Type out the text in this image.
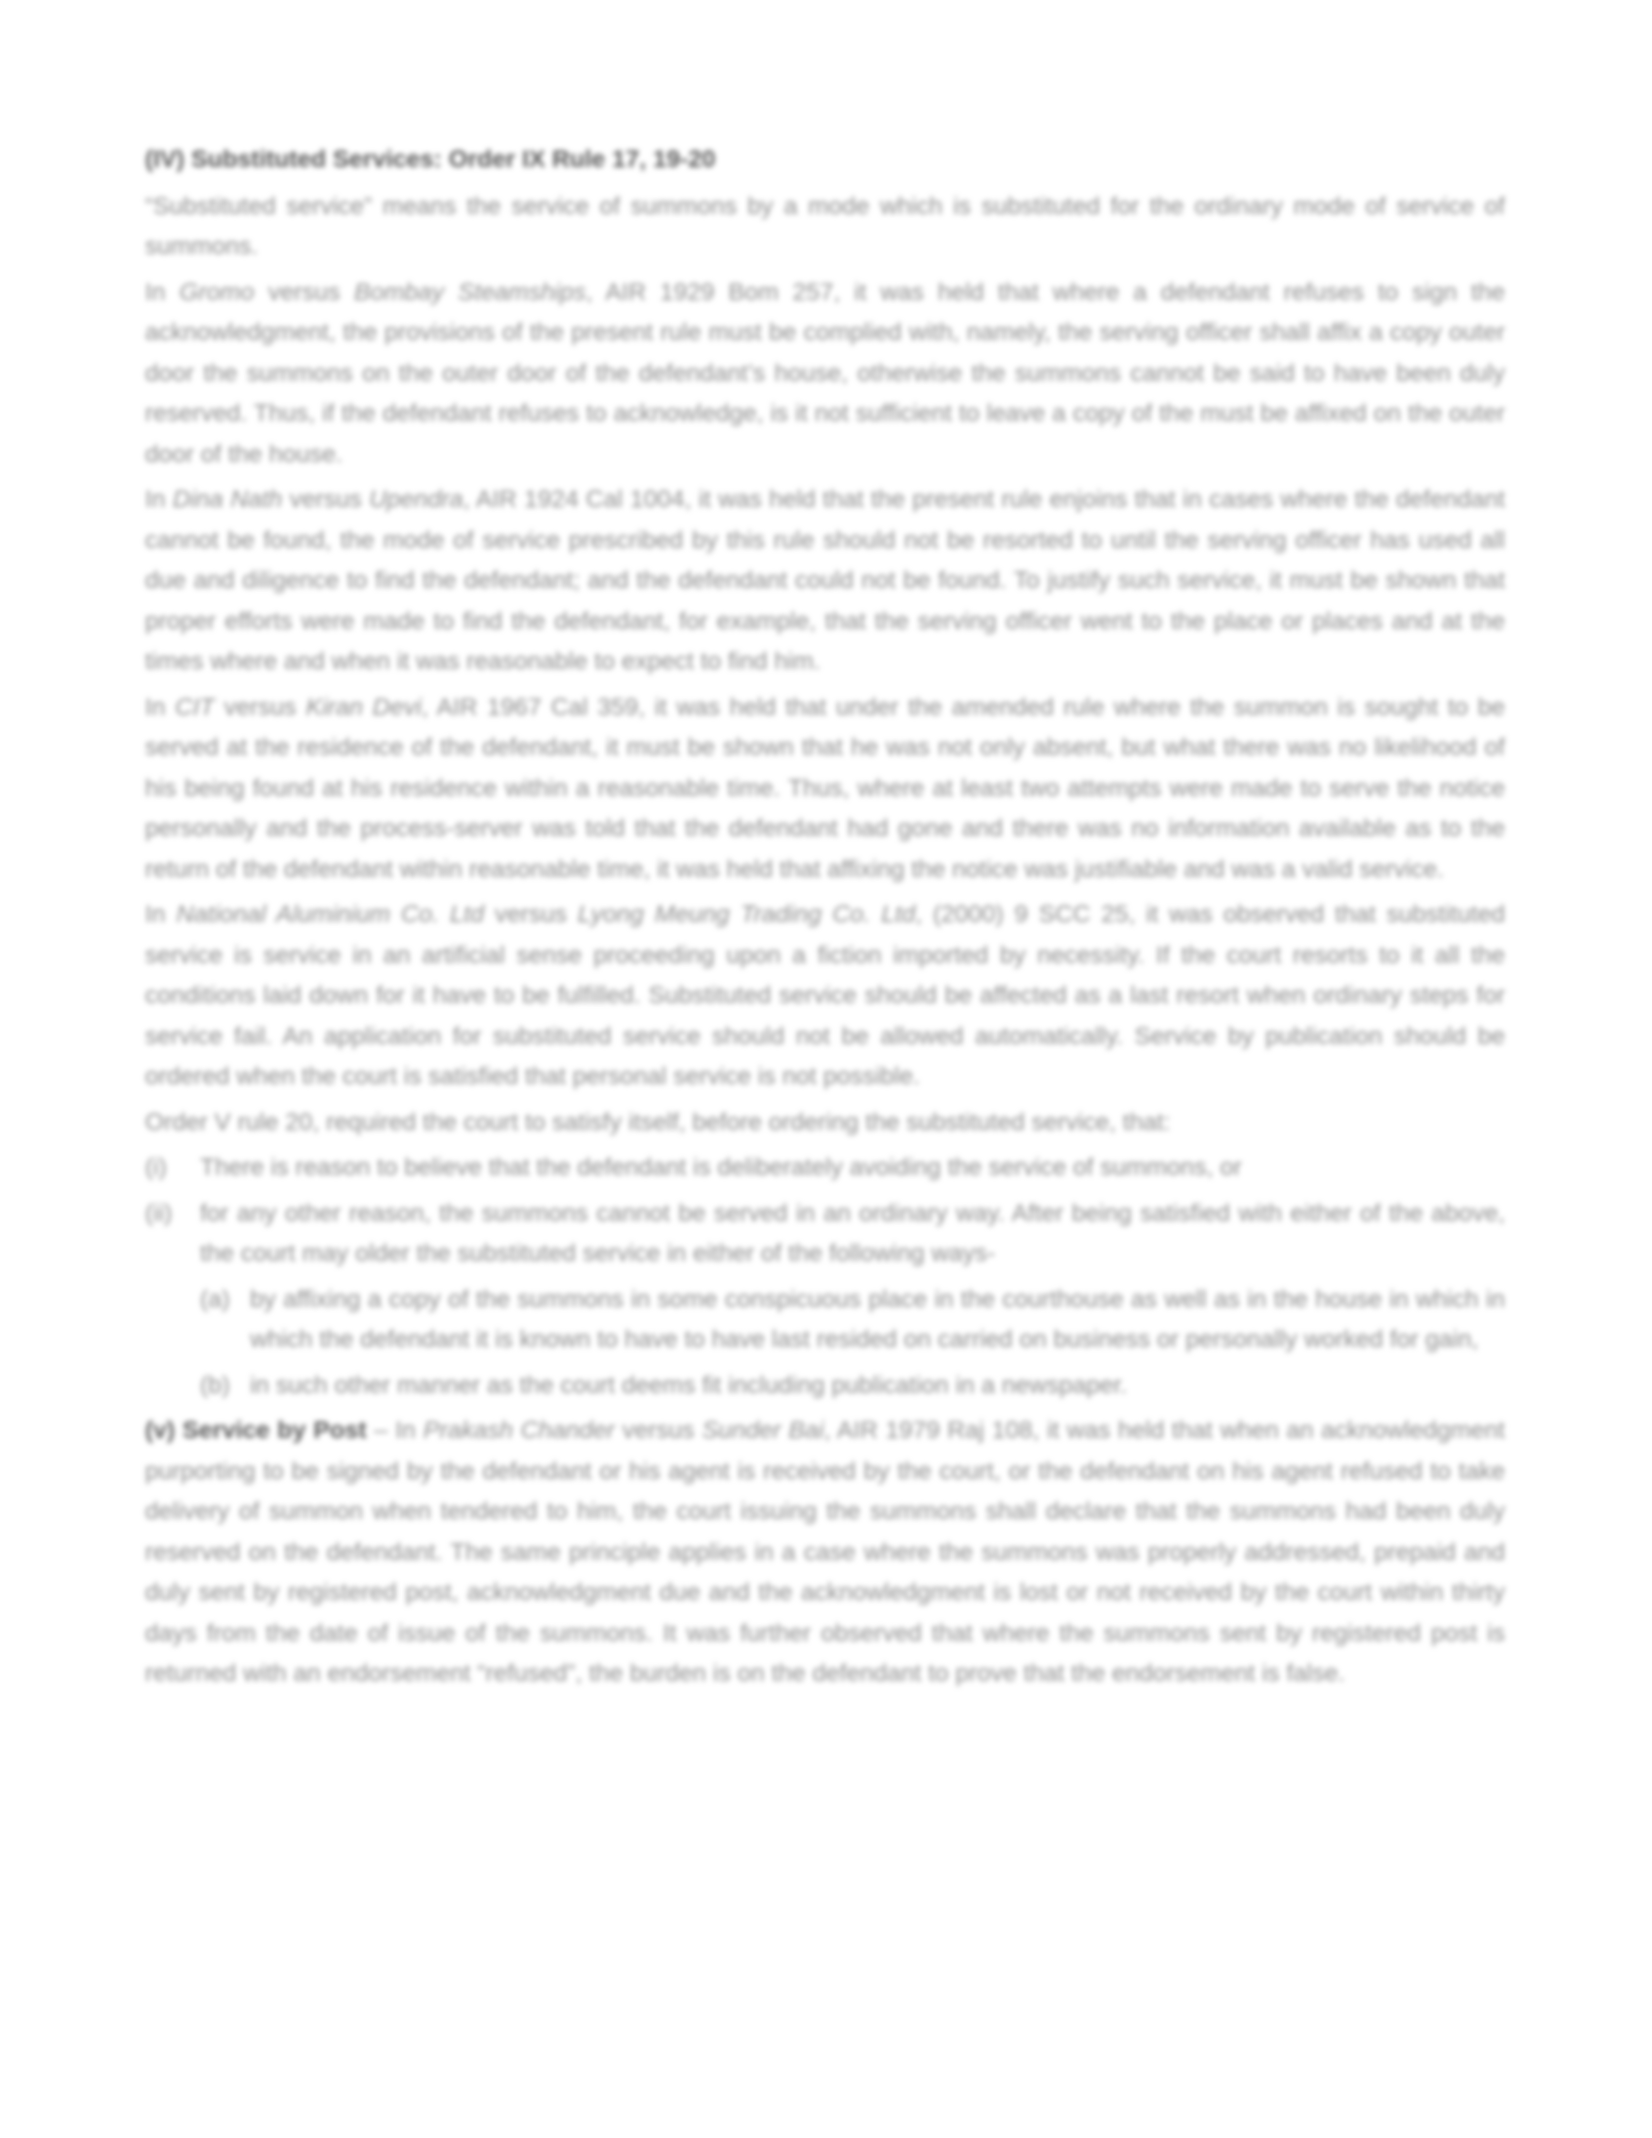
(IV) Substituted Services: Order IX Rule 17, 19-20

“Substituted service” means the service of summons by a mode which is substituted for the ordinary mode of service of summons.

In Gromo versus Bombay Steamships, AIR 1929 Bom 257, it was held that where a defendant refuses to sign the acknowledgment, the provisions of the present rule must be complied with, namely, the serving officer shall affix a copy outer door the summons on the outer door of the defendant’s house, otherwise the summons cannot be said to have been duly reserved. Thus, if the defendant refuses to acknowledge, is it not sufficient to leave a copy of the must be affixed on the outer door of the house.

In Dina Nath versus Upendra, AIR 1924 Cal 1004, it was held that the present rule enjoins that in cases where the defendant cannot be found, the mode of service prescribed by this rule should not be resorted to until the serving officer has used all due and diligence to find the defendant; and the defendant could not be found. To justify such service, it must be shown that proper efforts were made to find the defendant, for example, that the serving officer went to the place or places and at the times where and when it was reasonable to expect to find him.

In CIT versus Kiran Devi, AIR 1967 Cal 359, it was held that under the amended rule where the summon is sought to be served at the residence of the defendant, it must be shown that he was not only absent, but what there was no likelihood of his being found at his residence within a reasonable time. Thus, where at least two attempts were made to serve the notice personally and the process-server was told that the defendant had gone and there was no information available as to the return of the defendant within reasonable time, it was held that affixing the notice was justifiable and was a valid service.

In National Aluminium Co. Ltd versus Lyong Meung Trading Co. Ltd, (2000) 9 SCC 25, it was observed that substituted service is service in an artificial sense proceeding upon a fiction imported by necessity. If the court resorts to it all the conditions laid down for it have to be fulfilled. Substituted service should be affected as a last resort when ordinary steps for service fail. An application for substituted service should not be allowed automatically. Service by publication should be ordered when the court is satisfied that personal service is not possible.

Order V rule 20, required the court to satisfy itself, before ordering the substituted service, that:

(i)	There is reason to believe that the defendant is deliberately avoiding the service of summons, or
(ii)	for any other reason, the summons cannot be served in an ordinary way. After being satisfied with either of the above, the court may older the substituted service in either of the following ways-
(a) by affixing a copy of the summons in some conspicuous place in the courthouse as well as in the house in which in which the defendant it is known to have to have last resided on carried on business or personally worked for gain,
(b) in such other manner as the court deems fit including publication in a newspaper.

(v) Service by Post – In Prakash Chander versus Sunder Bai, AIR 1979 Raj 108, it was held that when an acknowledgment purporting to be signed by the defendant or his agent is received by the court, or the defendant on his agent refused to take delivery of summon when tendered to him, the court issuing the summons shall declare that the summons had been duly reserved on the defendant. The same principle applies in a case where the summons was properly addressed, prepaid and duly sent by registered post, acknowledgment due and the acknowledgment is lost or not received by the court within thirty days from the date of issue of the summons. It was further observed that where the summons sent by registered post is returned with an endorsement “refused”, the burden is on the defendant to prove that the endorsement is false.
